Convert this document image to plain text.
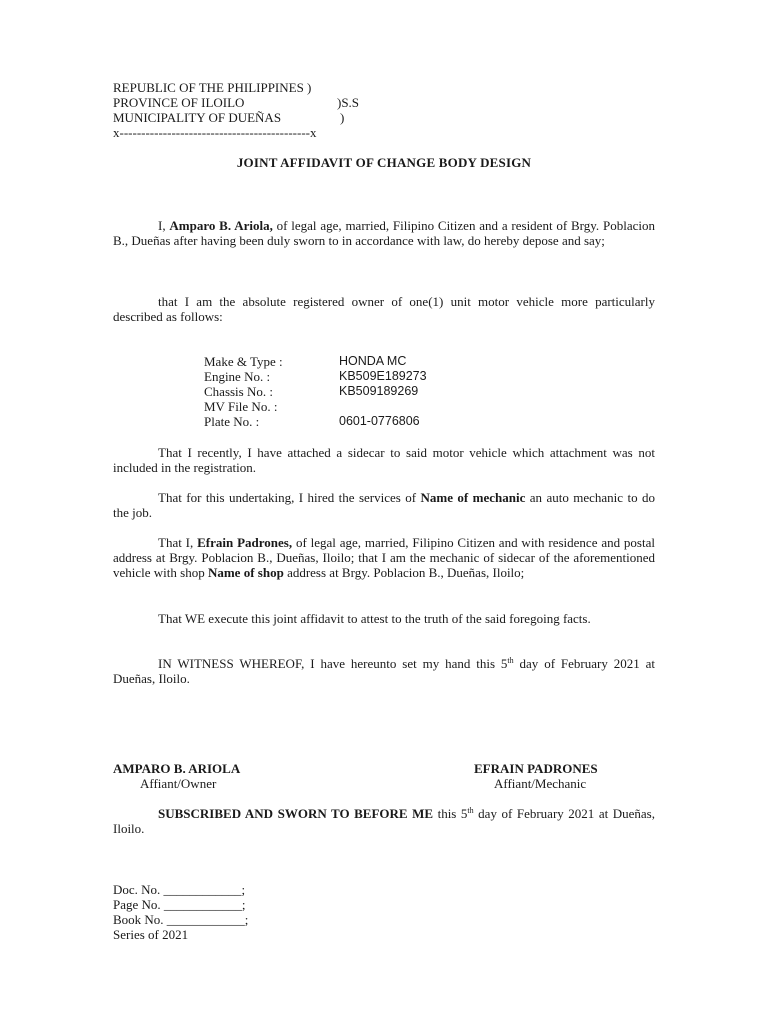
REPUBLIC OF THE PHILIPPINES )
PROVINCE OF ILOILO	)S.S
MUNICIPALITY OF DUEÑAS	)
x--------------------------------------------x
JOINT AFFIDAVIT OF CHANGE BODY DESIGN
I, Amparo B. Ariola, of legal age, married, Filipino Citizen and a resident of Brgy. Poblacion B., Dueñas after having been duly sworn to in accordance with law, do hereby depose and say;
that I am the absolute registered owner of one(1) unit motor vehicle more particularly described as follows:
Make & Type :	HONDA MC
Engine No. :	KB509E189273
Chassis No. :	KB509189269
MV File No. :
Plate No. :	0601-0776806
That I recently, I have attached a sidecar to said motor vehicle which attachment was not included in the registration.
That for this undertaking, I hired the services of Name of mechanic an auto mechanic to do the job.
That I, Efrain Padrones, of legal age, married, Filipino Citizen and with residence and postal address at Brgy. Poblacion B., Dueñas, Iloilo; that I am the mechanic of sidecar of the aforementioned vehicle with shop Name of shop address at Brgy. Poblacion B., Dueñas, Iloilo;
That WE execute this joint affidavit to attest to the truth of the said foregoing facts.
IN WITNESS WHEREOF, I have hereunto set my hand this 5th day of February 2021 at Dueñas, Iloilo.
AMPARO B. ARIOLA
Affiant/Owner
EFRAIN PADRONES
Affiant/Mechanic
SUBSCRIBED AND SWORN TO BEFORE ME this 5th day of February 2021 at Dueñas, Iloilo.
Doc. No. ____________;
Page No. ____________;
Book No. ____________;
Series of 2021
